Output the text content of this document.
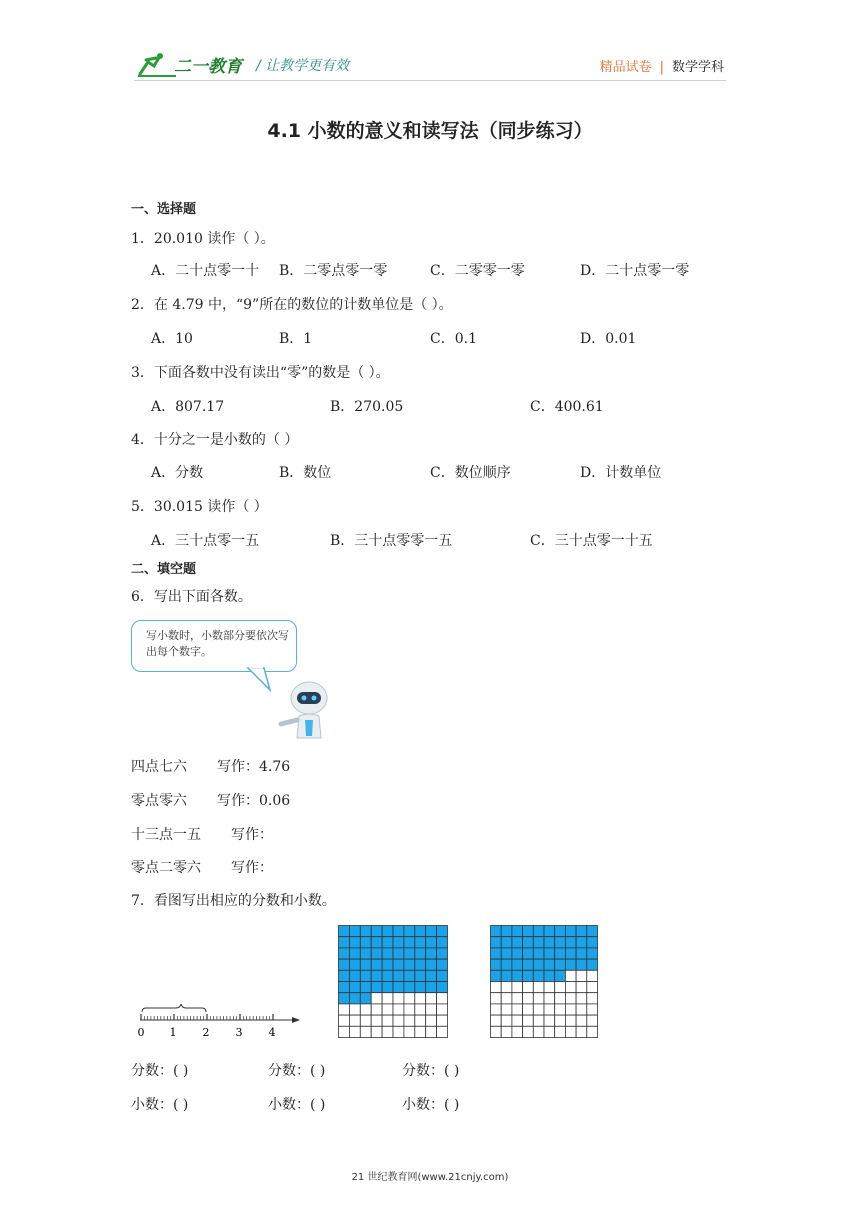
二一教育 / 让教学更有效	精品试卷 | 数学学科
4.1 小数的意义和读写法（同步练习）
一、选择题
1．20.010 读作（ ）。
A．二十点零一十 B．二零点零一零	C．二零零一零	D．二十点零一零
2．在 4.79 中，“9”所在的数位的计数单位是（ ）。
A．10	B．1	C．0.1	D．0.01
3．下面各数中没有读出“零”的数是（ ）。
A．807.17	B．270.05	C．400.61
4．十分之一是小数的（ ）
A．分数	B．数位	C．数位顺序	D．计数单位
5．30.015 读作（ ）
A．三十点零一五	B．三十点零零一五	C．三十点零一十五
二、填空题
6．写出下面各数。
写小数时，小数部分要依次写出每个数字。
四点七六 写作：4.76
零点零六 写作：0.06
十三点一五 写作：
零点二零六 写作：
7．看图写出相应的分数和小数。
0 1 2 3 4
分数：( )	分数：( )	分数：( )
小数：( )	小数：( )	小数：( )
21 世纪教育网(www.21cnjy.com)
